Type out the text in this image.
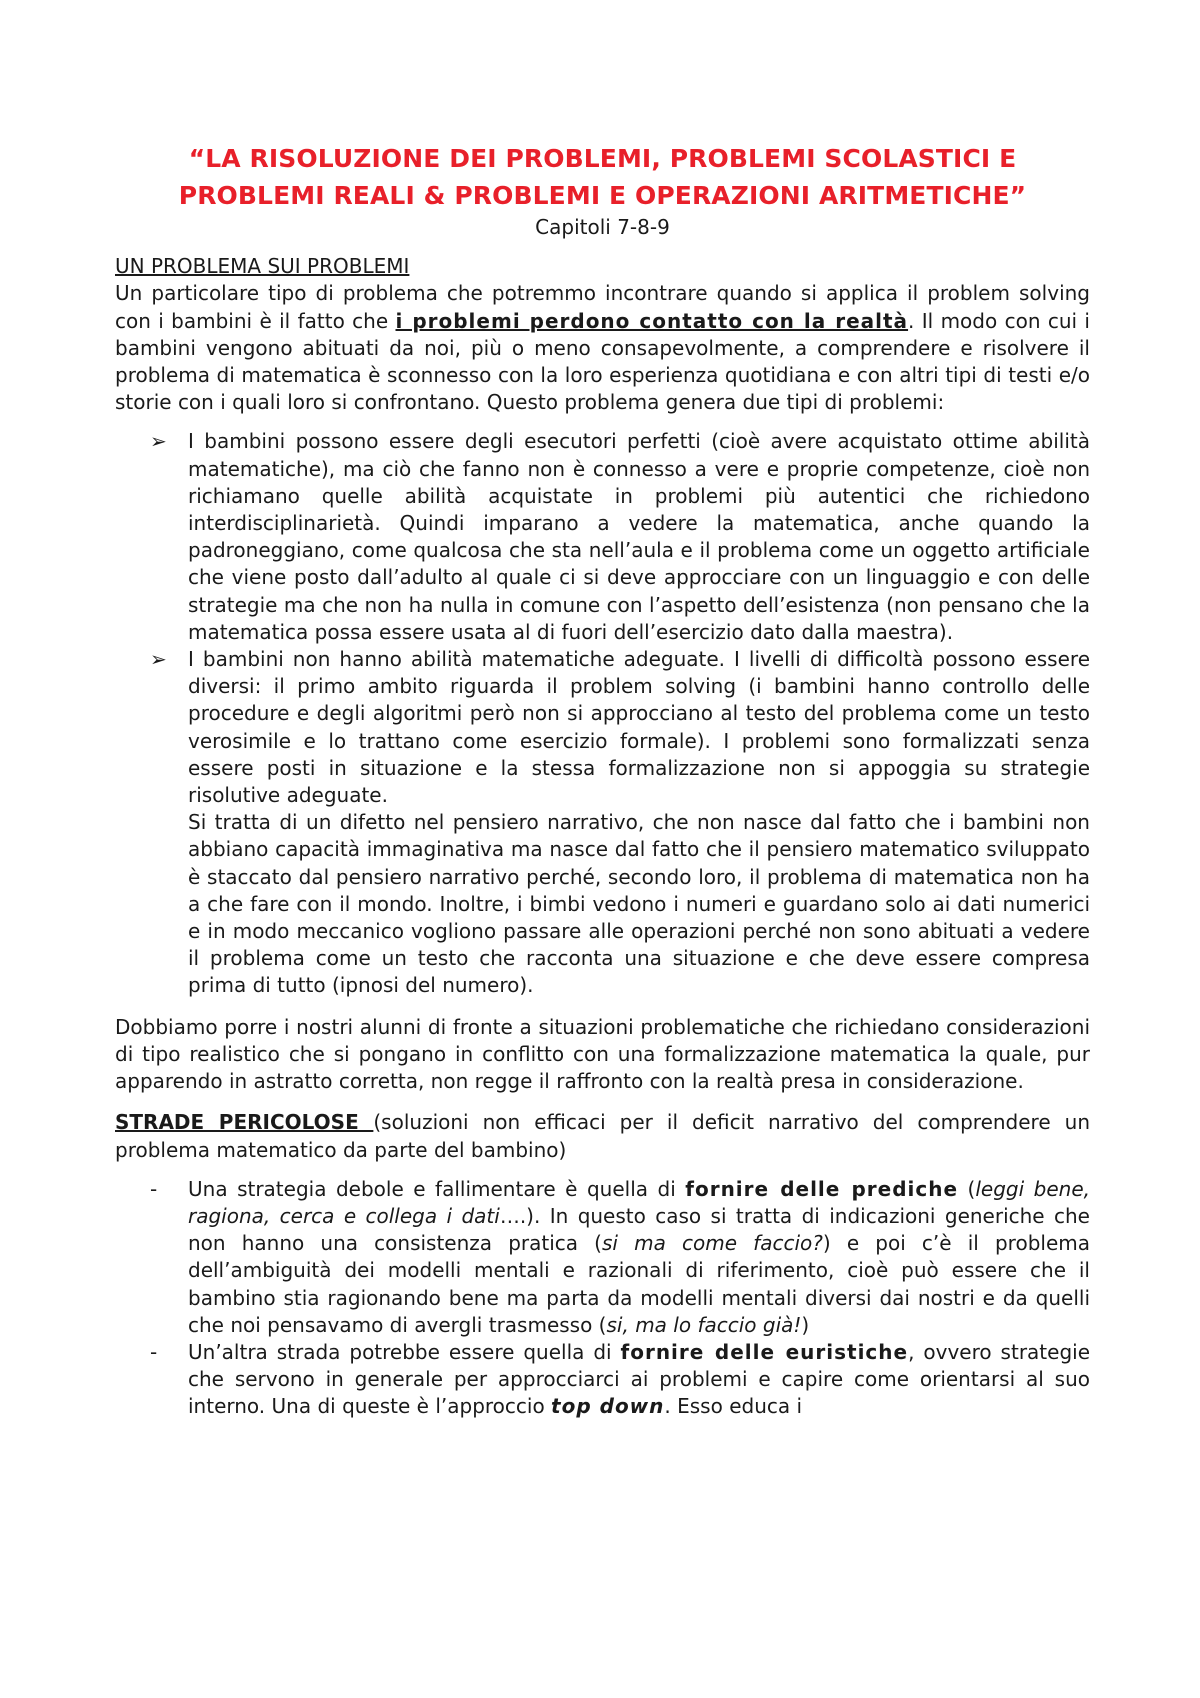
“LA RISOLUZIONE DEI PROBLEMI, PROBLEMI SCOLASTICI E
PROBLEMI REALI & PROBLEMI E OPERAZIONI ARITMETICHE”
Capitoli 7-8-9
UN PROBLEMA SUI PROBLEMI

Un particolare tipo di problema che potremmo incontrare quando si applica il problem solving con i bambini è il fatto che i problemi perdono contatto con la realtà. Il modo con cui i bambini vengono abituati da noi, più o meno consapevolmente, a comprendere e risolvere il problema di matematica è sconnesso con la loro esperienza quotidiana e con altri tipi di testi e/o storie con i quali loro si confrontano. Questo problema genera due tipi di problemi:

➢	I bambini possono essere degli esecutori perfetti (cioè avere acquistato ottime abilità matematiche), ma ciò che fanno non è connesso a vere e proprie competenze, cioè non richiamano quelle abilità acquistate in problemi più autentici che richiedono interdisciplinarietà. Quindi imparano a vedere la matematica, anche quando la padroneggiano, come qualcosa che sta nell’aula e il problema come un oggetto artificiale che viene posto dall’adulto al quale ci si deve approcciare con un linguaggio e con delle strategie ma che non ha nulla in comune con l’aspetto dell’esistenza (non pensano che la matematica possa essere usata al di fuori dell’esercizio dato dalla maestra).
➢	I bambini non hanno abilità matematiche adeguate. I livelli di difficoltà possono essere diversi: il primo ambito riguarda il problem solving (i bambini hanno controllo delle procedure e degli algoritmi però non si approcciano al testo del problema come un testo verosimile e lo trattano come esercizio formale). I problemi sono formalizzati senza essere posti in situazione e la stessa formalizzazione non si appoggia su strategie risolutive adeguate.
Si tratta di un difetto nel pensiero narrativo, che non nasce dal fatto che i bambini non abbiano capacità immaginativa ma nasce dal fatto che il pensiero matematico sviluppato è staccato dal pensiero narrativo perché, secondo loro, il problema di matematica non ha a che fare con il mondo. Inoltre, i bimbi vedono i numeri e guardano solo ai dati numerici e in modo meccanico vogliono passare alle operazioni perché non sono abituati a vedere il problema come un testo che racconta una situazione e che deve essere compresa prima di tutto (ipnosi del numero).

Dobbiamo porre i nostri alunni di fronte a situazioni problematiche che richiedano considerazioni di tipo realistico che si pongano in conflitto con una formalizzazione matematica la quale, pur apparendo in astratto corretta, non regge il raffronto con la realtà presa in considerazione.

STRADE PERICOLOSE (soluzioni non efficaci per il deficit narrativo del comprendere un problema matematico da parte del bambino)

-	Una strategia debole e fallimentare è quella di fornire delle prediche (leggi bene, ragiona, cerca e collega i dati….). In questo caso si tratta di indicazioni generiche che non hanno una consistenza pratica (si ma come faccio?) e poi c’è il problema dell’ambiguità dei modelli mentali e razionali di riferimento, cioè può essere che il bambino stia ragionando bene ma parta da modelli mentali diversi dai nostri e da quelli che noi pensavamo di avergli trasmesso (si, ma lo faccio già!)
-	Un’altra strada potrebbe essere quella di fornire delle euristiche, ovvero strategie che servono in generale per approcciarci ai problemi e capire come orientarsi al suo interno. Una di queste è l’approccio top down. Esso educa i
